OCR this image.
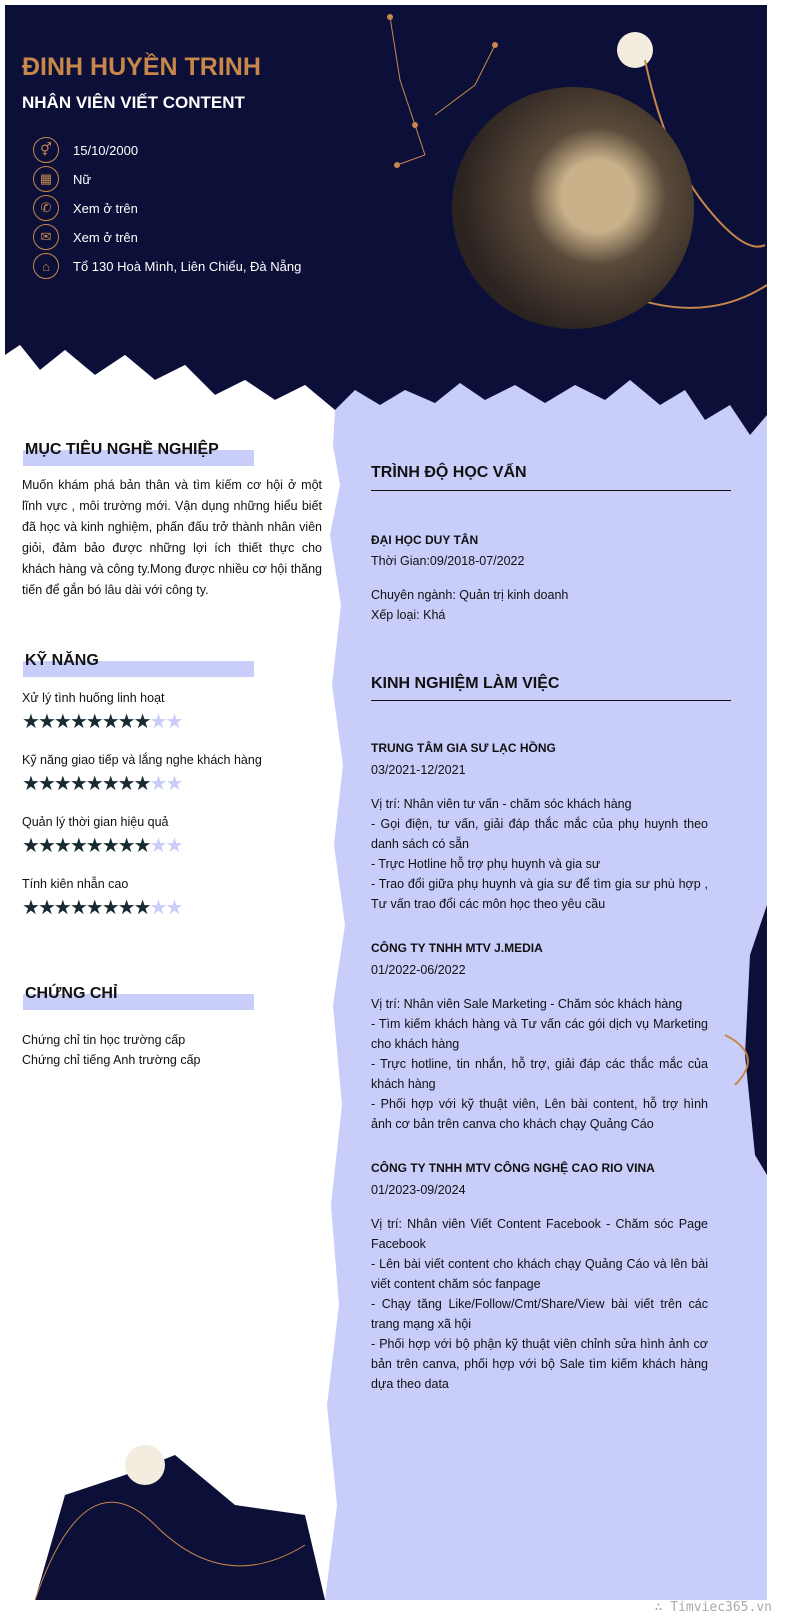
ĐINH HUYỀN TRINH
NHÂN VIÊN VIẾT CONTENT
⚥	15/10/2000
▦	Nữ
✆	Xem ở trên
✉	Xem ở trên
⌂	Tổ 130 Hoà Mình, Liên Chiểu, Đà Nẵng
MỤC TIÊU NGHỀ NGHIỆP
Muốn khám phá bản thân và tìm kiếm cơ hội ở một lĩnh vực , môi trường mới. Vận dụng những hiểu biết đã học và kinh nghiệm, phấn đấu trở thành nhân viên giỏi, đảm bảo được những lợi ích thiết thực cho khách hàng và công ty.Mong được nhiều cơ hội thăng tiến để gắn bó lâu dài với công ty.
KỸ NĂNG
Xử lý tình huống linh hoạt
★★★★★★★★★★
Kỹ năng giao tiếp và lắng nghe khách hàng
★★★★★★★★★★
Quản lý thời gian hiệu quả
★★★★★★★★★★
Tính kiên nhẫn cao
★★★★★★★★★★
CHỨNG CHỈ
Chứng chỉ tin học trường cấp
Chứng chỉ tiếng Anh trường cấp
TRÌNH ĐỘ HỌC VẤN
ĐẠI HỌC DUY TÂN
Thời Gian:09/2018-07/2022
Chuyên ngành: Quản trị kinh doanh
Xếp loại: Khá
KINH NGHIỆM LÀM VIỆC
TRUNG TÂM GIA SƯ LẠC HỒNG
03/2021-12/2021
Vị trí: Nhân viên tư vấn - chăm sóc khách hàng
- Gọi điện, tư vấn, giải đáp thắc mắc của phụ huynh theo danh sách có sẵn
- Trực Hotline hỗ trợ phụ huynh và gia sư
- Trao đổi giữa phụ huynh và gia sư để tìm gia sư phù hợp , Tư vấn trao đổi các môn học theo yêu cầu
CÔNG TY TNHH MTV J.MEDIA
01/2022-06/2022
Vị trí: Nhân viên Sale Marketing - Chăm sóc khách hàng
- Tìm kiếm khách hàng và Tư vấn các gói dịch vụ Marketing cho khách hàng
- Trực hotline, tin nhắn, hỗ trợ, giải đáp các thắc mắc của khách hàng
- Phối hợp với kỹ thuật viên, Lên bài content, hỗ trợ hình ảnh cơ bản trên canva cho khách chạy Quảng Cáo
CÔNG TY TNHH MTV CÔNG NGHỆ CAO RIO VINA
01/2023-09/2024
Vị trí: Nhân viên Viết Content Facebook - Chăm sóc Page Facebook
- Lên bài viết content cho khách chạy Quảng Cáo và lên bài viết content chăm sóc fanpage
- Chạy tăng Like/Follow/Cmt/Share/View bài viết trên các trang mạng xã hội
- Phối hợp với bộ phận kỹ thuật viên chỉnh sửa hình ảnh cơ bản trên canva, phối hợp với bộ Sale tìm kiếm khách hàng dựa theo data
∴ Timviec365.vn
